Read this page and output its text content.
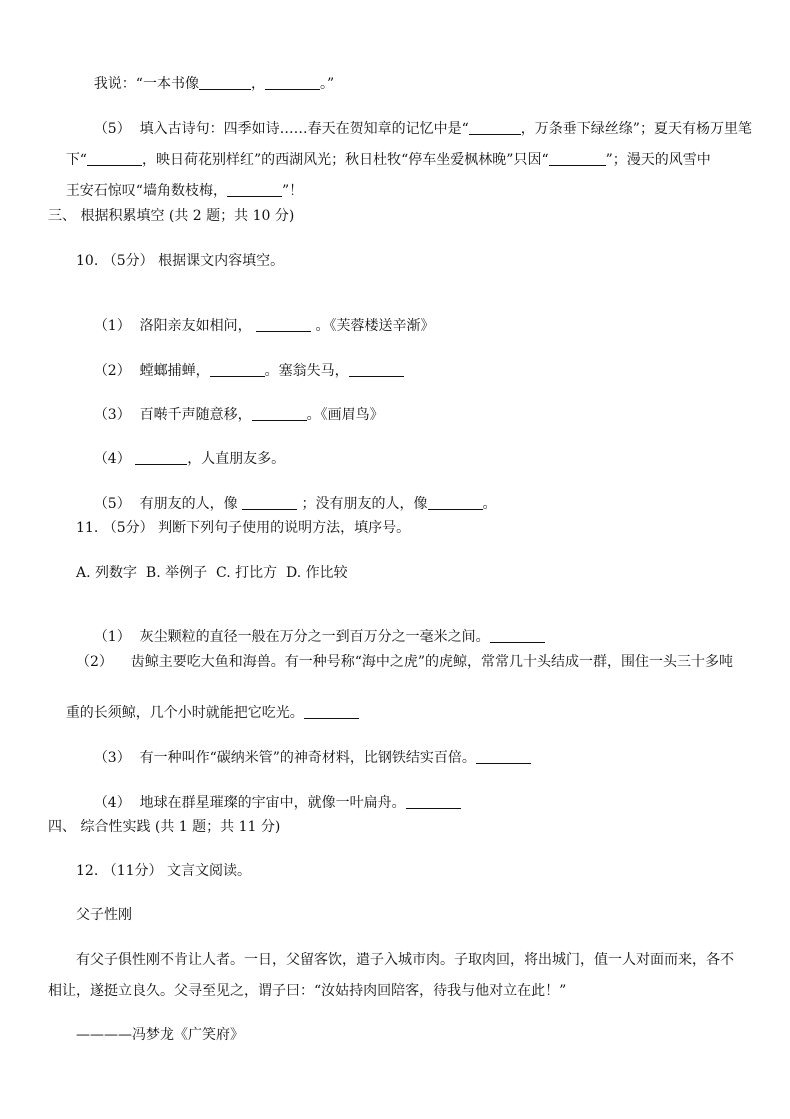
我说：“一本书像	，	。”

（5）  填入古诗句：四季如诗……春天在贺知章的记忆中是“	，万条垂下绿丝绦”；夏天有杨万里笔

下“	，映日荷花别样红”的西湖风光；秋日杜牧“停车坐爱枫林晚”只因“	”；漫天的风雪中

王安石惊叹“墙角数枝梅，	”！

三、 根据积累填空 (共 2 题；共 10 分)
10. （5分） 根据课文内容填空。

（1）  洛阳亲友如相问，	。《芙蓉楼送辛渐》

（2）  螳螂捕蝉，	。塞翁失马，

（3）  百啭千声随意移，	。《画眉鸟》

（4）	，人直朋友多。

（5）  有朋友的人，像	；没有朋友的人，像	。

11. （5分） 判断下列句子使用的说明方法，填序号。
A. 列数字  B. 举例子  C. 打比方  D. 作比较

（1）  灰尘颗粒的直径一般在万分之一到百万分之一毫米之间。

（2）    齿鲸主要吃大鱼和海兽。有一种号称“海中之虎”的虎鲸，常常几十头结成一群，围住一头三十多吨

重的长须鲸，几个小时就能把它吃光。

（3）  有一种叫作“碳纳米管”的神奇材料，比钢铁结实百倍。

（4）  地球在群星璀璨的宇宙中，就像一叶扁舟。

四、 综合性实践 (共 1 题；共 11 分)
12. （11分） 文言文阅读。
父子性刚
有父子俱性刚不肯让人者。一日，父留客饮，遣子入城市肉。子取肉回，将出城门，值一人对面而来，各不
相让，遂挺立良久。父寻至见之，谓子曰：“汝姑持肉回陪客，待我与他对立在此！”
————冯梦龙《广笑府》
